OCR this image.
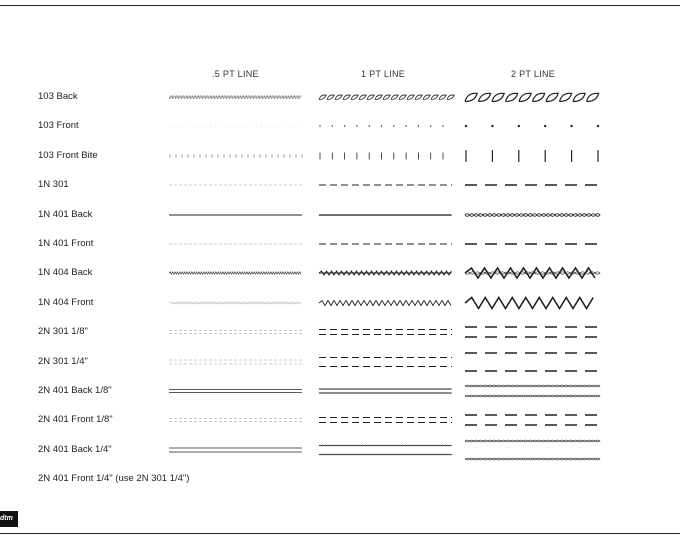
.5 PT LINE	1 PT LINE	2 PT LINE
103 Back
103 Front
103 Front Bite
1N 301
1N 401 Back
1N 401 Front
1N 404 Back
1N 404 Front
2N 301 1/8"
2N 301 1/4"
2N 401 Back 1/8"
2N 401 Front 1/8"
2N 401 Back 1/4"
2N 401 Front 1/4" (use 2N 301 1/4")
dtm
